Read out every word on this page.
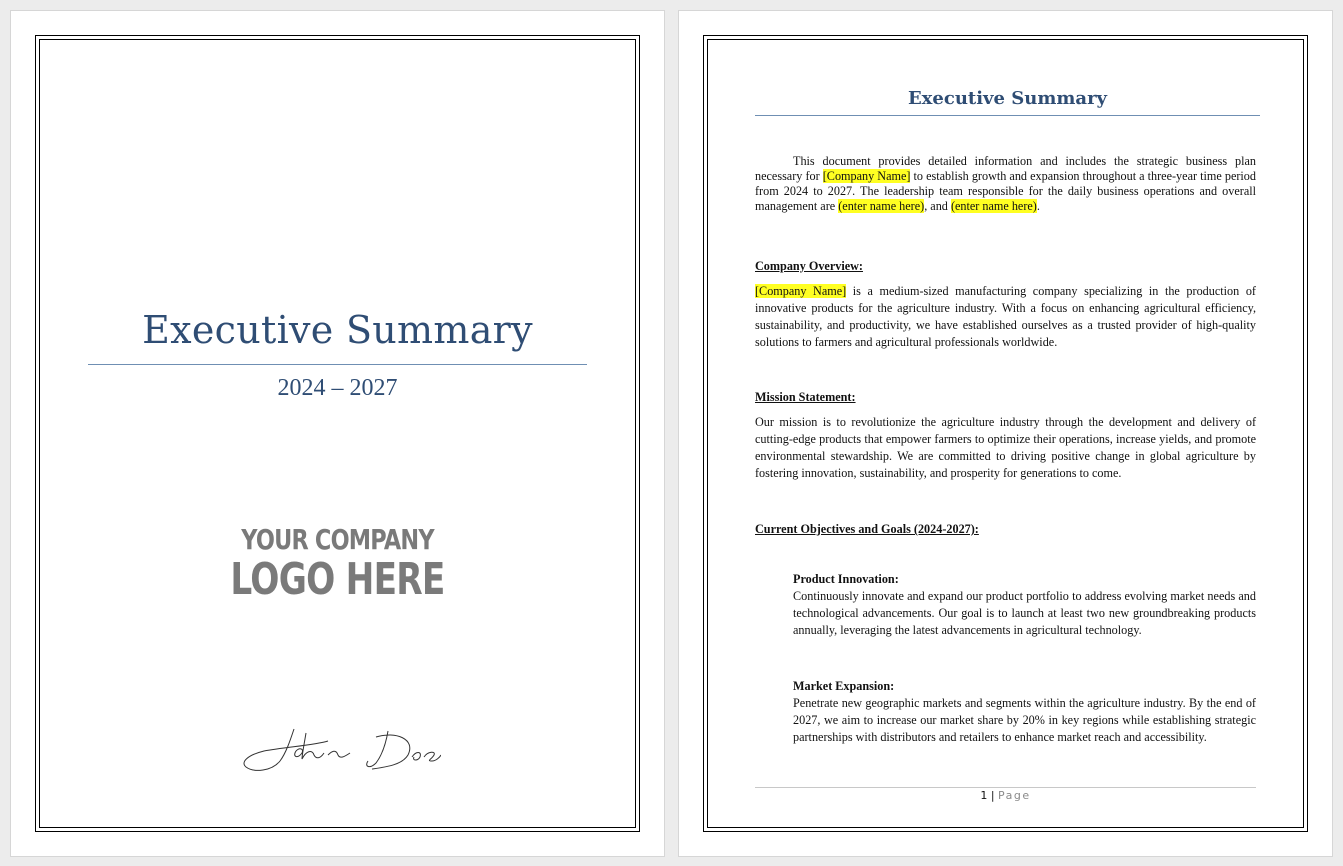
Executive Summary
2024 – 2027
YOUR COMPANY
LOGO HERE
Executive Summary
This document provides detailed information and includes the strategic business plan necessary for [Company Name] to establish growth and expansion throughout a three-year time period from 2024 to 2027. The leadership team responsible for the daily business operations and overall management are (enter name here), and (enter name here).
Company Overview:
[Company Name] is a medium-sized manufacturing company specializing in the production of innovative products for the agriculture industry. With a focus on enhancing agricultural efficiency, sustainability, and productivity, we have established ourselves as a trusted provider of high-quality solutions to farmers and agricultural professionals worldwide.
Mission Statement:
Our mission is to revolutionize the agriculture industry through the development and delivery of cutting-edge products that empower farmers to optimize their operations, increase yields, and promote environmental stewardship. We are committed to driving positive change in global agriculture by fostering innovation, sustainability, and prosperity for generations to come.
Current Objectives and Goals (2024-2027):
Product Innovation:
Continuously innovate and expand our product portfolio to address evolving market needs and technological advancements. Our goal is to launch at least two new groundbreaking products annually, leveraging the latest advancements in agricultural technology.
Market Expansion:
Penetrate new geographic markets and segments within the agriculture industry. By the end of 2027, we aim to increase our market share by 20% in key regions while establishing strategic partnerships with distributors and retailers to enhance market reach and accessibility.
1 | Page
